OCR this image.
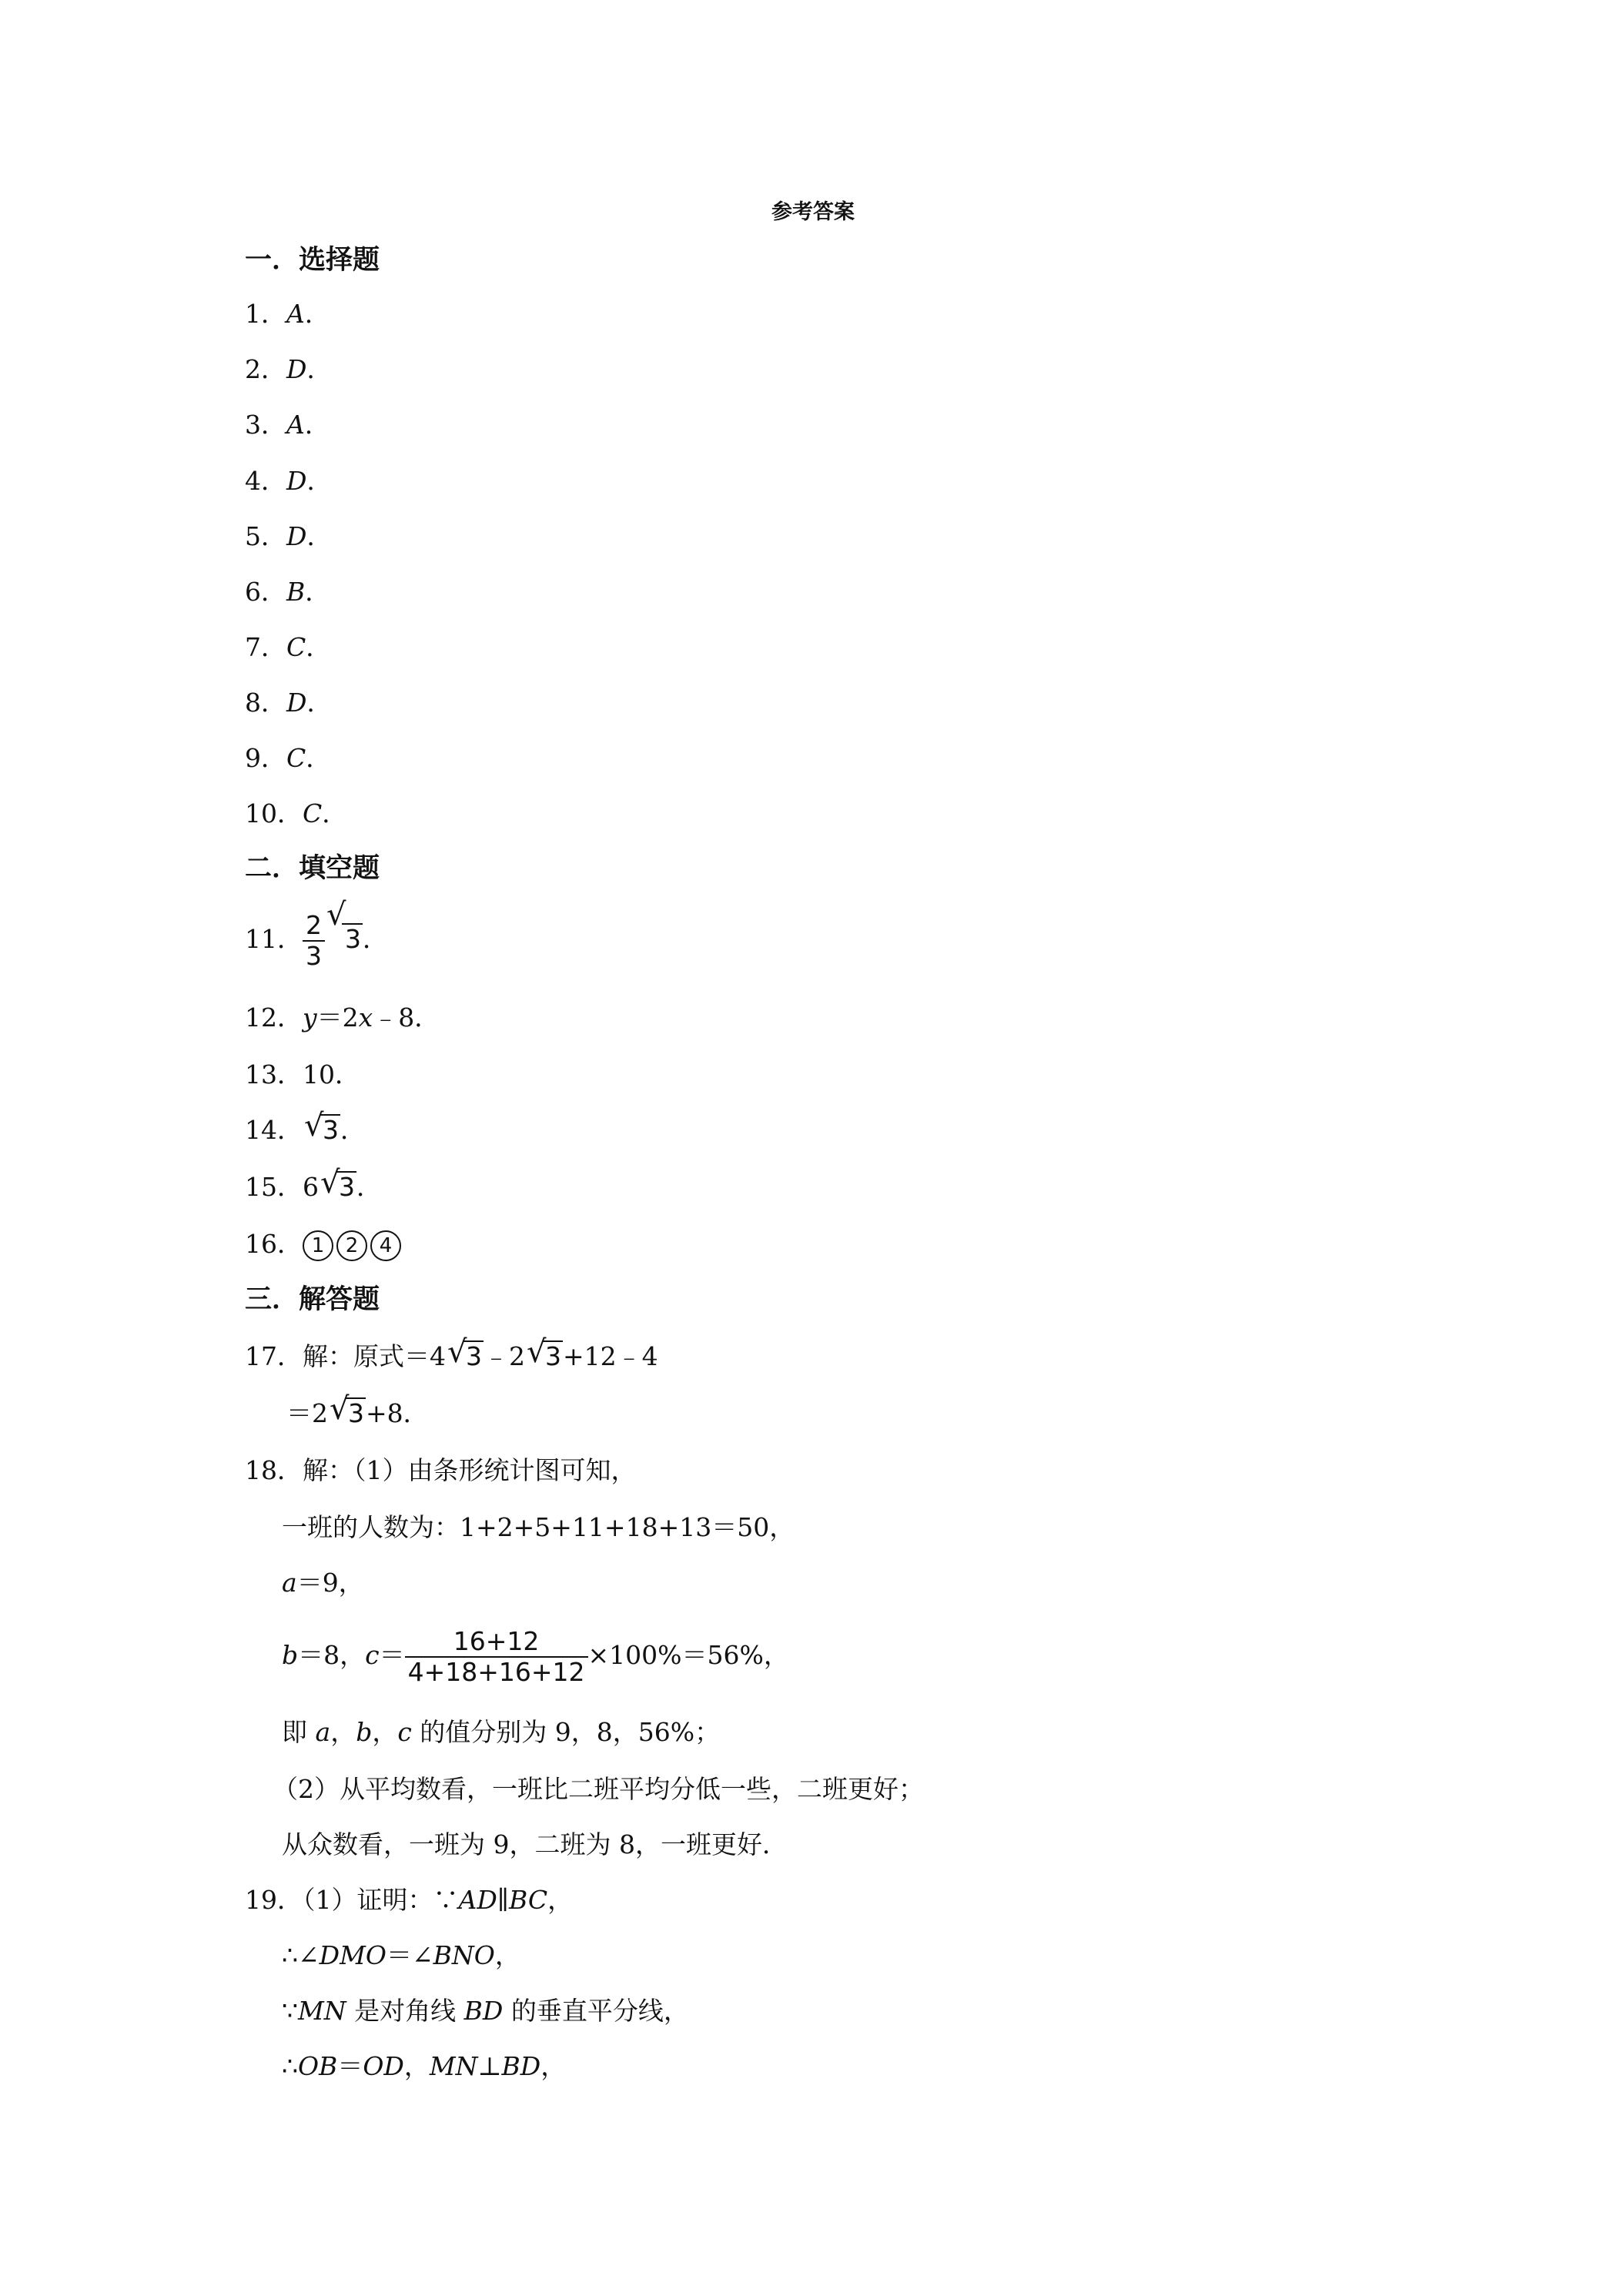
参考答案
一．选择题
1．A．
2．D．
3．A．
4．D．
5．D．
6．B．
7．C．
8．D．
9．C．
10．C．
二．填空题
11． $\frac{2}{3}$ √
3．
12．y＝2x﹣8．
13．10．
14． √
3．
15．6 √
3．
16． 1 2 4
三．解答题
17．解：原式＝4 √
3﹣2 √
3+12﹣4
＝2 √
3+8．
18．解：（1）由条形统计图可知，
一班的人数为：1+2+5+11+18+13＝50，
a＝9，
b＝8，$c= \frac{16+12}{4+18+16+12} \times 100\%=56\%$，
即 a，b，c 的值分别为 9，8，56%；
（2）从平均数看，一班比二班平均分低一些，二班更好；
从众数看，一班为 9，二班为 8，一班更好．
19．（1）证明：∵AD∥BC，
∴∠DMO＝∠BNO，
∵MN 是对角线 BD 的垂直平分线，
∴OB＝OD，MN⊥BD，
